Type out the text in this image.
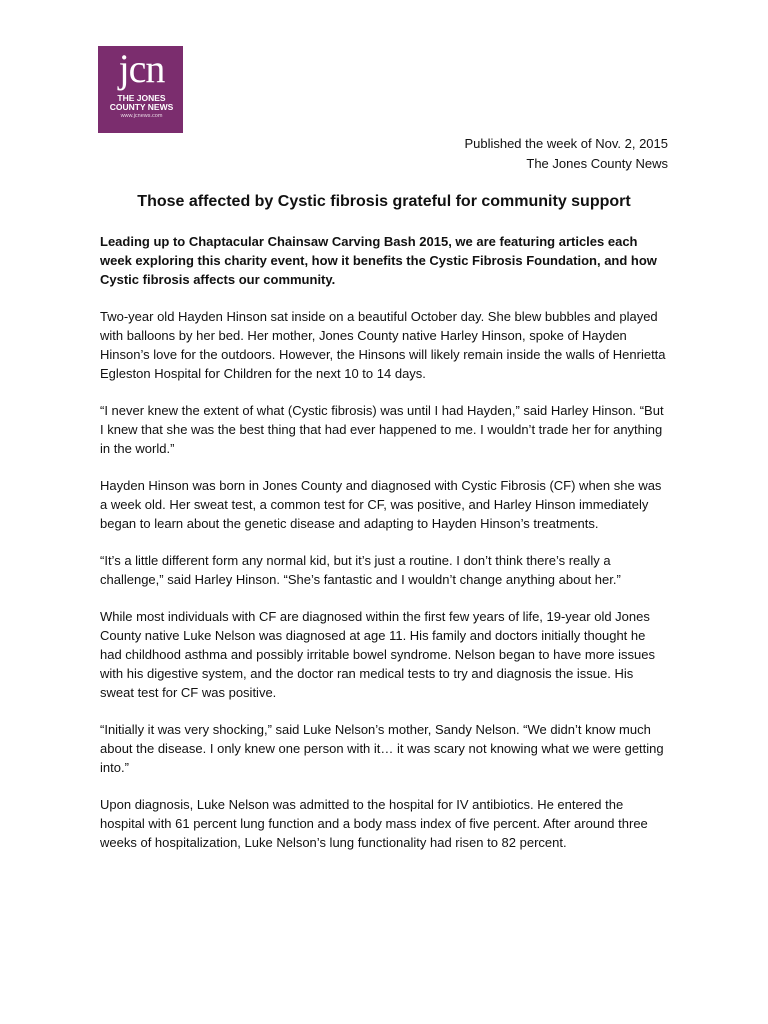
jcn
THE JONES
COUNTY NEWS
www.jcnews.com
Published the week of Nov. 2, 2015
The Jones County News
Those affected by Cystic fibrosis grateful for community support

Leading up to Chaptacular Chainsaw Carving Bash 2015, we are featuring articles each week exploring this charity event, how it benefits the Cystic Fibrosis Foundation, and how Cystic fibrosis affects our community.

Two-year old Hayden Hinson sat inside on a beautiful October day. She blew bubbles and played with balloons by her bed. Her mother, Jones County native Harley Hinson, spoke of Hayden Hinson’s love for the outdoors. However, the Hinsons will likely remain inside the walls of Henrietta Egleston Hospital for Children for the next 10 to 14 days.

“I never knew the extent of what (Cystic fibrosis) was until I had Hayden,” said Harley Hinson. “But I knew that she was the best thing that had ever happened to me. I wouldn’t trade her for anything in the world.”

Hayden Hinson was born in Jones County and diagnosed with Cystic Fibrosis (CF) when she was a week old. Her sweat test, a common test for CF, was positive, and Harley Hinson immediately began to learn about the genetic disease and adapting to Hayden Hinson’s treatments.

“It’s a little different form any normal kid, but it’s just a routine. I don’t think there’s really a challenge,” said Harley Hinson. “She’s fantastic and I wouldn’t change anything about her.”

While most individuals with CF are diagnosed within the first few years of life, 19-year old Jones County native Luke Nelson was diagnosed at age 11. His family and doctors initially thought he had childhood asthma and possibly irritable bowel syndrome. Nelson began to have more issues with his digestive system, and the doctor ran medical tests to try and diagnosis the issue. His sweat test for CF was positive.

“Initially it was very shocking,” said Luke Nelson’s mother, Sandy Nelson. “We didn’t know much about the disease. I only knew one person with it… it was scary not knowing what we were getting into.”

Upon diagnosis, Luke Nelson was admitted to the hospital for IV antibiotics. He entered the hospital with 61 percent lung function and a body mass index of five percent. After around three weeks of hospitalization, Luke Nelson’s lung functionality had risen to 82 percent.
